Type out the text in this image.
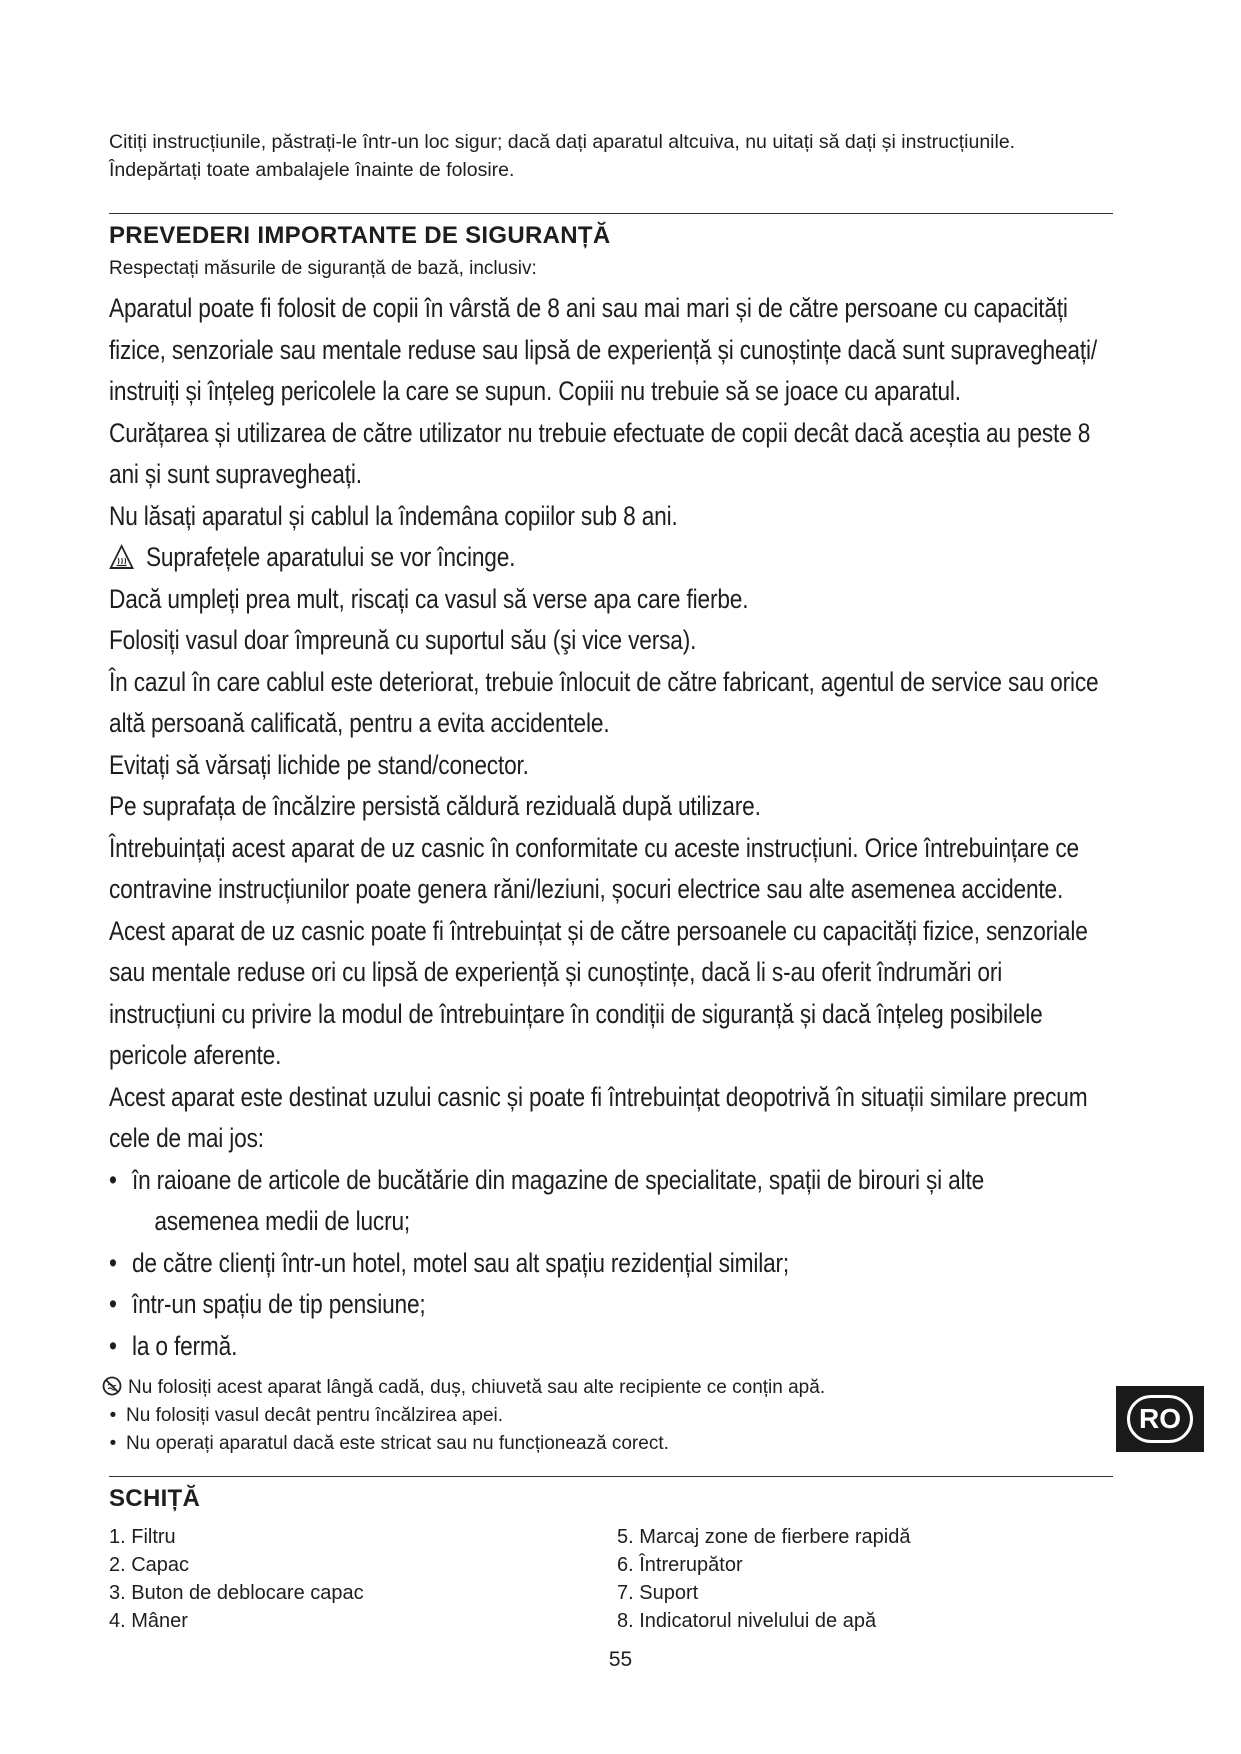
Citiți instrucțiunile, păstrați-le într-un loc sigur; dacă dați aparatul altcuiva, nu uitați să dați și instrucțiunile.
Îndepărtați toate ambalajele înainte de folosire.
PREVEDERI IMPORTANTE DE SIGURANȚĂ
Respectați măsurile de siguranță de bază, inclusiv:

Aparatul poate fi folosit de copii în vârstă de 8 ani sau mai mari și de către persoane cu capacități

fizice, senzoriale sau mentale reduse sau lipsă de experiență și cunoștințe dacă sunt supravegheați/

instruiți și înțeleg pericolele la care se supun. Copiii nu trebuie să se joace cu aparatul.

Curățarea și utilizarea de către utilizator nu trebuie efectuate de copii decât dacă aceștia au peste 8

ani și sunt supravegheați.

Nu lăsați aparatul și cablul la îndemâna copiilor sub 8 ani.

Suprafețele aparatului se vor încinge.

Dacă umpleți prea mult, riscați ca vasul să verse apa care fierbe.

Folosiți vasul doar împreună cu suportul său (şi vice versa).

În cazul în care cablul este deteriorat, trebuie înlocuit de către fabricant, agentul de service sau orice

altă persoană calificată, pentru a evita accidentele.

Evitați să vărsați lichide pe stand/conector.

Pe suprafața de încălzire persistă căldură reziduală după utilizare.

Întrebuințați acest aparat de uz casnic în conformitate cu aceste instrucțiuni. Orice întrebuințare ce

contravine instrucțiunilor poate genera răni/leziuni, șocuri electrice sau alte asemenea accidente.

Acest aparat de uz casnic poate fi întrebuințat și de către persoanele cu capacități fizice, senzoriale

sau mentale reduse ori cu lipsă de experiență și cunoștințe, dacă li s-au oferit îndrumări ori

instrucțiuni cu privire la modul de întrebuințare în condiții de siguranță și dacă înțeleg posibilele

pericole aferente.

Acest aparat este destinat uzului casnic și poate fi întrebuințat deopotrivă în situații similare precum

cele de mai jos:

• în raioane de articole de bucătărie din magazine de specialitate, spații de birouri și alte
asemenea medii de lucru;

• de către clienți într-un hotel, motel sau alt spațiu rezidențial similar;

• într-un spațiu de tip pensiune;

• la o fermă.

Nu folosiți acest aparat lângă cadă, duș, chiuvetă sau alte recipiente ce conțin apă.
• Nu folosiți vasul decât pentru încălzirea apei.
• Nu operați aparatul dacă este stricat sau nu funcționează corect.
RO
SCHIȚĂ
1. Filtru
2. Capac
3. Buton de deblocare capac
4. Mâner
5. Marcaj zone de fierbere rapidă
6. Întrerupător
7. Suport
8. Indicatorul nivelului de apă
55
